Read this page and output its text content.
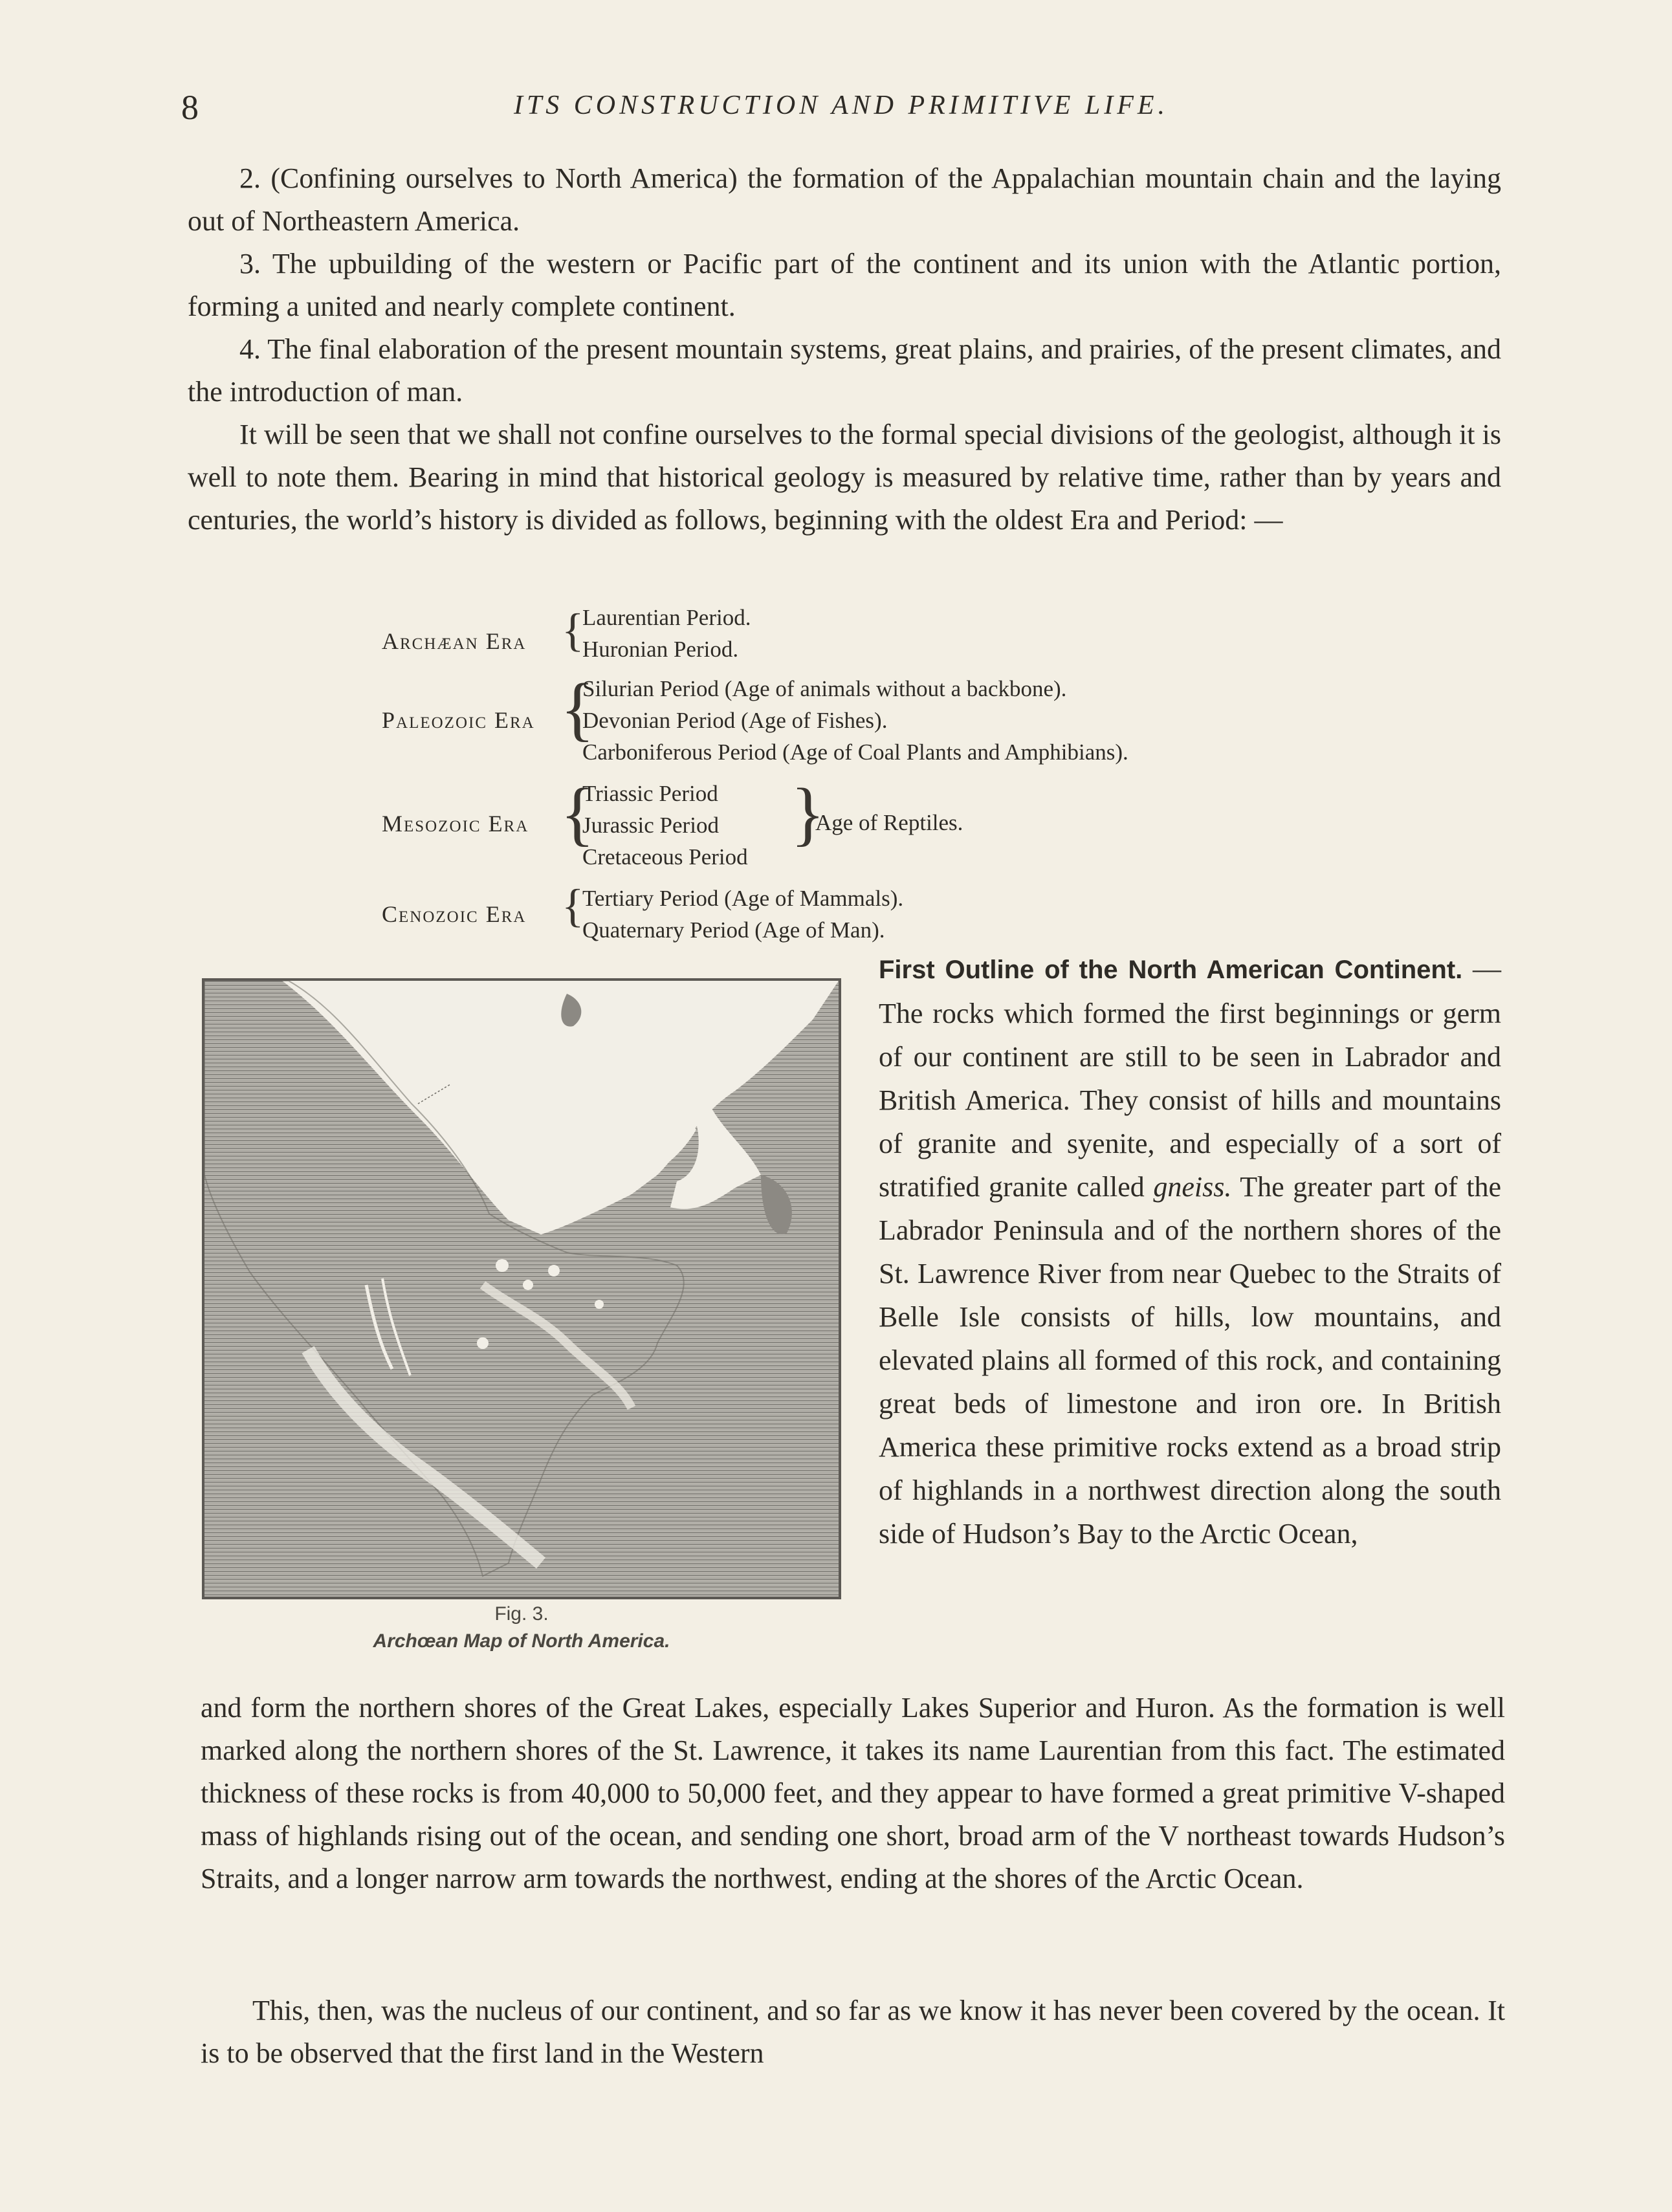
8	ITS CONSTRUCTION AND PRIMITIVE LIFE.

2. (Confining ourselves to North America) the formation of the Appalachian mountain chain and the laying out of Northeastern America.

3. The upbuilding of the western or Pacific part of the continent and its union with the Atlantic portion, forming a united and nearly complete continent.

4. The final elaboration of the present mountain systems, great plains, and prairies, of the present climates, and the introduction of man.

It will be seen that we shall not confine ourselves to the formal special divisions of the geologist, although it is well to note them. Bearing in mind that historical geology is measured by relative time, rather than by years and centuries, the world’s history is divided as follows, beginning with the oldest Era and Period: —

Archæan Era {
Laurentian Period.
Huronian Period.
Paleozoic Era {
Silurian Period (Age of animals without a backbone).
Devonian Period (Age of Fishes).
Carboniferous Period (Age of Coal Plants and Amphibians).
Mesozoic Era {
Triassic Period
Jurassic Period
Cretaceous Period
}
Age of Reptiles.
Cenozoic Era {
Tertiary Period (Age of Mammals).
Quaternary Period (Age of Man).
Fig. 3.
Archœan Map of North America.

First Outline of the North American Continent. — The rocks which formed the first beginnings or germ of our continent are still to be seen in Labrador and British America. They consist of hills and mountains of granite and syenite, and especially of a sort of stratified granite called gneiss. The greater part of the Labrador Peninsula and of the northern shores of the St. Lawrence River from near Quebec to the Straits of Belle Isle consists of hills, low mountains, and elevated plains all formed of this rock, and containing great beds of limestone and iron ore. In British America these primitive rocks extend as a broad strip of highlands in a northwest direction along the south side of Hudson’s Bay to the Arctic Ocean,

and form the northern shores of the Great Lakes, especially Lakes Superior and Huron. As the formation is well marked along the northern shores of the St. Lawrence, it takes its name Laurentian from this fact. The estimated thickness of these rocks is from 40,000 to 50,000 feet, and they appear to have formed a great primitive V-shaped mass of highlands rising out of the ocean, and sending one short, broad arm of the V northeast towards Hudson’s Straits, and a longer narrow arm towards the northwest, ending at the shores of the Arctic Ocean.

This, then, was the nucleus of our continent, and so far as we know it has never been covered by the ocean. It is to be observed that the first land in the Western
